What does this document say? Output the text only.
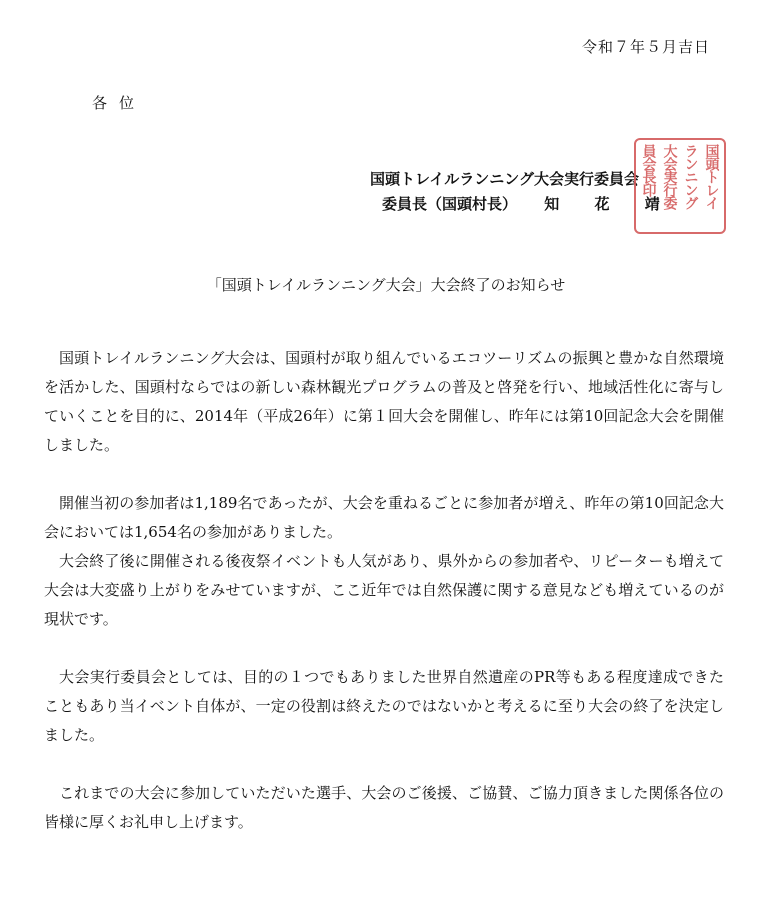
令和７年５月吉日
各位
国頭トレイルランニング大会実行委員会
委員長（国頭村長） 知 花 靖	国頭トレイ
ランニング
大会実行委
員会長印
「国頭トレイルランニング大会」大会終了のお知らせ

国頭トレイルランニング大会は、国頭村が取り組んでいるエコツーリズムの振興と豊かな自然環境を活かした、国頭村ならではの新しい森林観光プログラムの普及と啓発を行い、地域活性化に寄与していくことを目的に、2014年（平成26年）に第１回大会を開催し、昨年には第10回記念大会を開催しました。

開催当初の参加者は1,189名であったが、大会を重ねるごとに参加者が増え、昨年の第10回記念大会においては1,654名の参加がありました。

大会終了後に開催される後夜祭イベントも人気があり、県外からの参加者や、リピーターも増えて大会は大変盛り上がりをみせていますが、ここ近年では自然保護に関する意見なども増えているのが現状です。

大会実行委員会としては、目的の１つでもありました世界自然遺産のPR等もある程度達成できたこともあり当イベント自体が、一定の役割は終えたのではないかと考えるに至り大会の終了を決定しました。

これまでの大会に参加していただいた選手、大会のご後援、ご協賛、ご協力頂きました関係各位の皆様に厚くお礼申し上げます。
